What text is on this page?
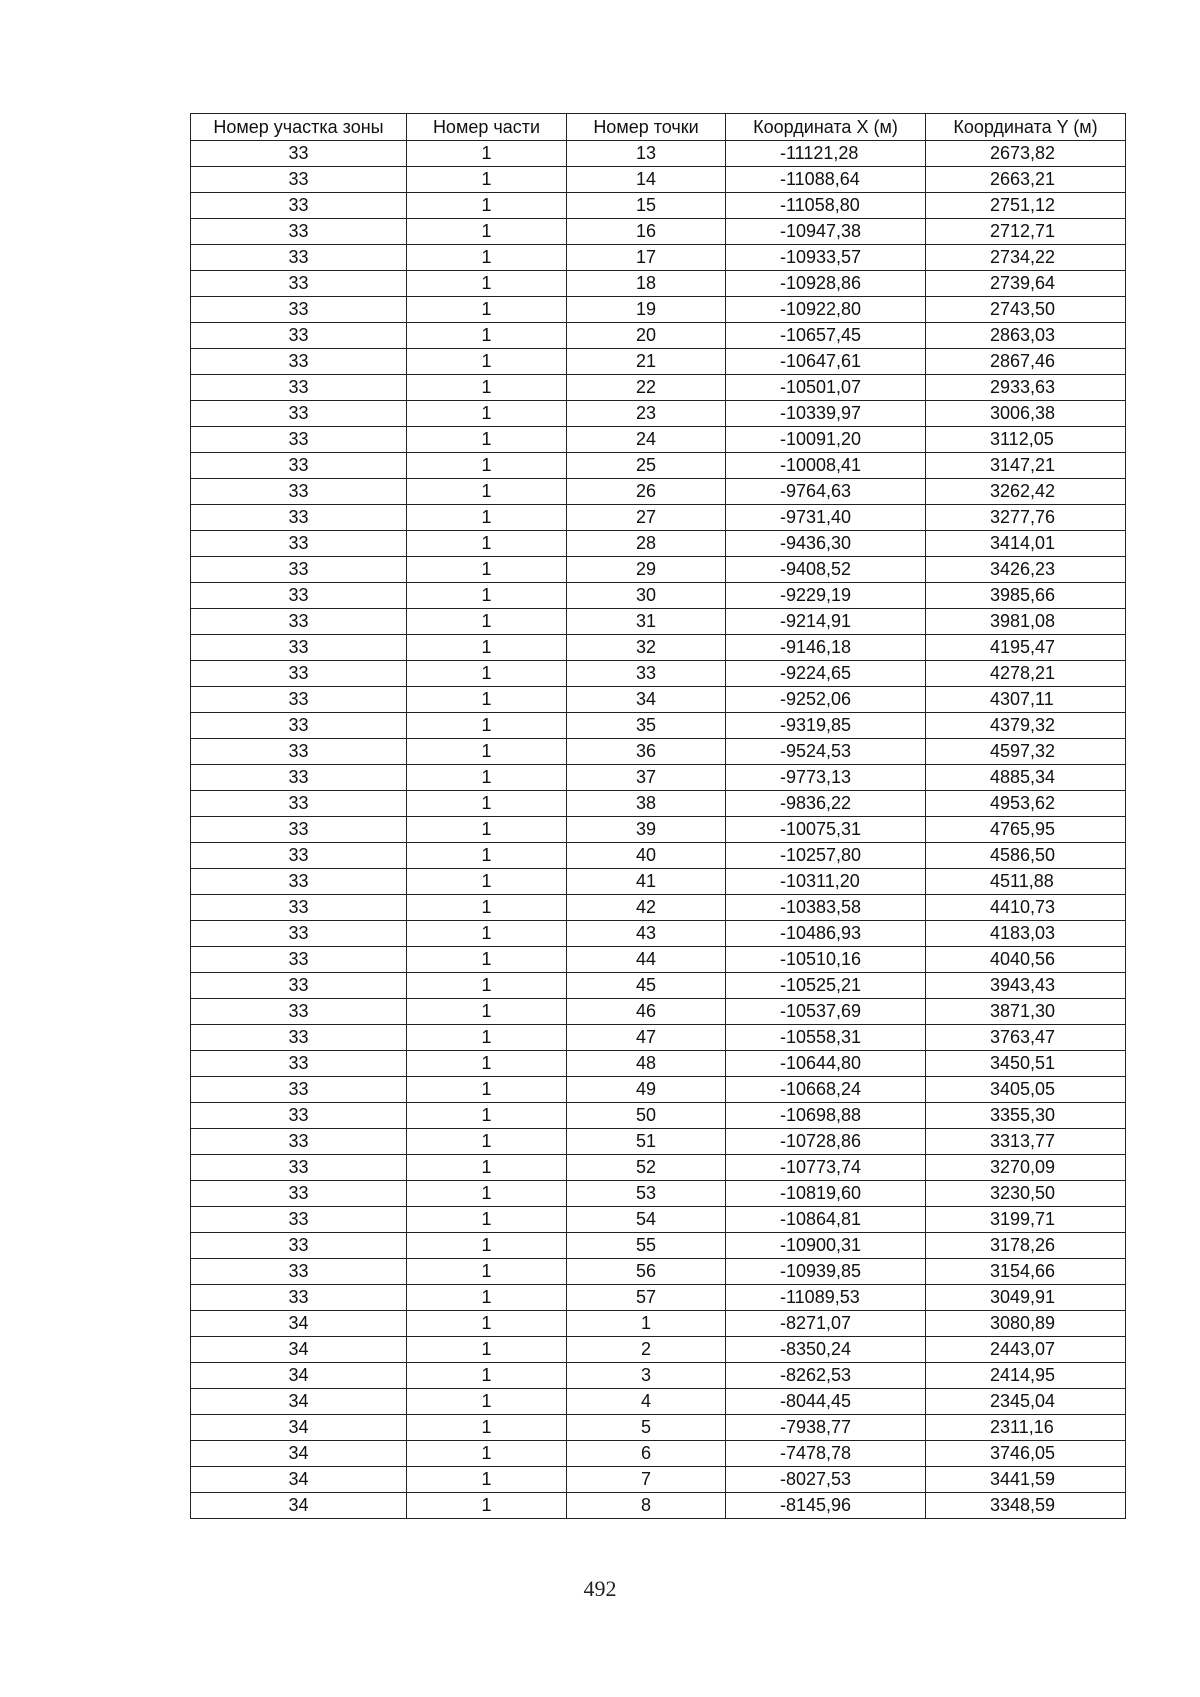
Номер участка зоны	Номер части	Номер точки	Координата X (м)	Координата Y (м)
33	1	13	-11121,28	2673,82
33	1	14	-11088,64	2663,21
33	1	15	-11058,80	2751,12
33	1	16	-10947,38	2712,71
33	1	17	-10933,57	2734,22
33	1	18	-10928,86	2739,64
33	1	19	-10922,80	2743,50
33	1	20	-10657,45	2863,03
33	1	21	-10647,61	2867,46
33	1	22	-10501,07	2933,63
33	1	23	-10339,97	3006,38
33	1	24	-10091,20	3112,05
33	1	25	-10008,41	3147,21
33	1	26	-9764,63	3262,42
33	1	27	-9731,40	3277,76
33	1	28	-9436,30	3414,01
33	1	29	-9408,52	3426,23
33	1	30	-9229,19	3985,66
33	1	31	-9214,91	3981,08
33	1	32	-9146,18	4195,47
33	1	33	-9224,65	4278,21
33	1	34	-9252,06	4307,11
33	1	35	-9319,85	4379,32
33	1	36	-9524,53	4597,32
33	1	37	-9773,13	4885,34
33	1	38	-9836,22	4953,62
33	1	39	-10075,31	4765,95
33	1	40	-10257,80	4586,50
33	1	41	-10311,20	4511,88
33	1	42	-10383,58	4410,73
33	1	43	-10486,93	4183,03
33	1	44	-10510,16	4040,56
33	1	45	-10525,21	3943,43
33	1	46	-10537,69	3871,30
33	1	47	-10558,31	3763,47
33	1	48	-10644,80	3450,51
33	1	49	-10668,24	3405,05
33	1	50	-10698,88	3355,30
33	1	51	-10728,86	3313,77
33	1	52	-10773,74	3270,09
33	1	53	-10819,60	3230,50
33	1	54	-10864,81	3199,71
33	1	55	-10900,31	3178,26
33	1	56	-10939,85	3154,66
33	1	57	-11089,53	3049,91
34	1	1	-8271,07	3080,89
34	1	2	-8350,24	2443,07
34	1	3	-8262,53	2414,95
34	1	4	-8044,45	2345,04
34	1	5	-7938,77	2311,16
34	1	6	-7478,78	3746,05
34	1	7	-8027,53	3441,59
34	1	8	-8145,96	3348,59
492
